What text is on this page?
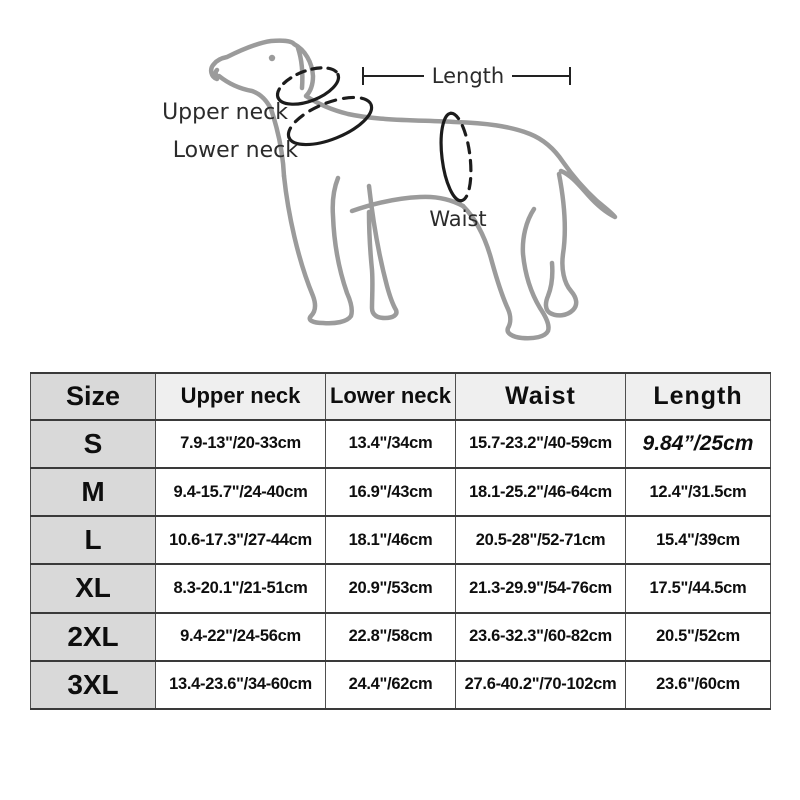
Upper neck
Lower neck
Waist
Length
Size	Upper neck	Lower neck	Waist	Length
S	7.9-13"/20-33cm	13.4"/34cm	15.7-23.2"/40-59cm	9.84”/25cm
M	9.4-15.7"/24-40cm	16.9"/43cm	18.1-25.2"/46-64cm	12.4"/31.5cm
L	10.6-17.3"/27-44cm	18.1"/46cm	20.5-28"/52-71cm	15.4"/39cm
XL	8.3-20.1"/21-51cm	20.9"/53cm	21.3-29.9"/54-76cm	17.5"/44.5cm
2XL	9.4-22"/24-56cm	22.8"/58cm	23.6-32.3"/60-82cm	20.5"/52cm
3XL	13.4-23.6"/34-60cm	24.4"/62cm	27.6-40.2"/70-102cm	23.6"/60cm
